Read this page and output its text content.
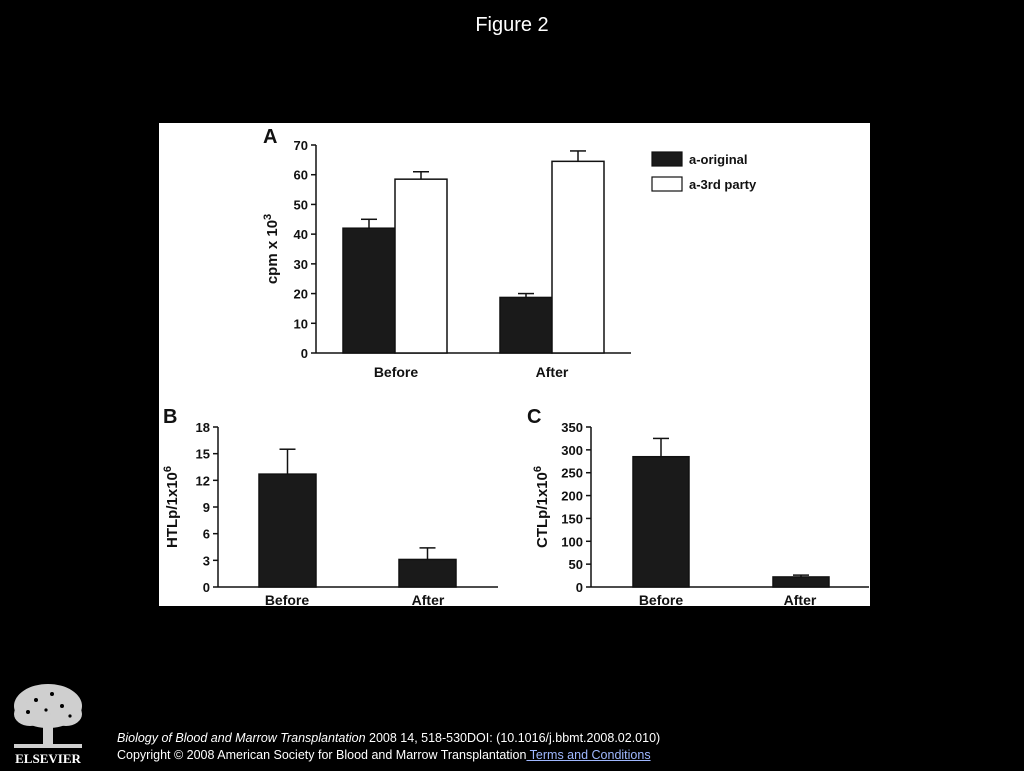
Figure 2
A
0
10
20
30
40
50
60
70
cpm x $10^3$
Before	After
a-original
a-3rd party
B
0
3
6
9
12
15
18
HTLp/$1x10^6$
Before	After
C
0
50
100
150
200
250
300
350
CTLp/$1x10^6$
Before	After
ELSEVIER
Biology of Blood and Marrow Transplantation 2008 14, 518-530DOI: (10.1016/j.bbmt.2008.02.010)
Copyright © 2008 American Society for Blood and Marrow Transplantation Terms and Conditions
